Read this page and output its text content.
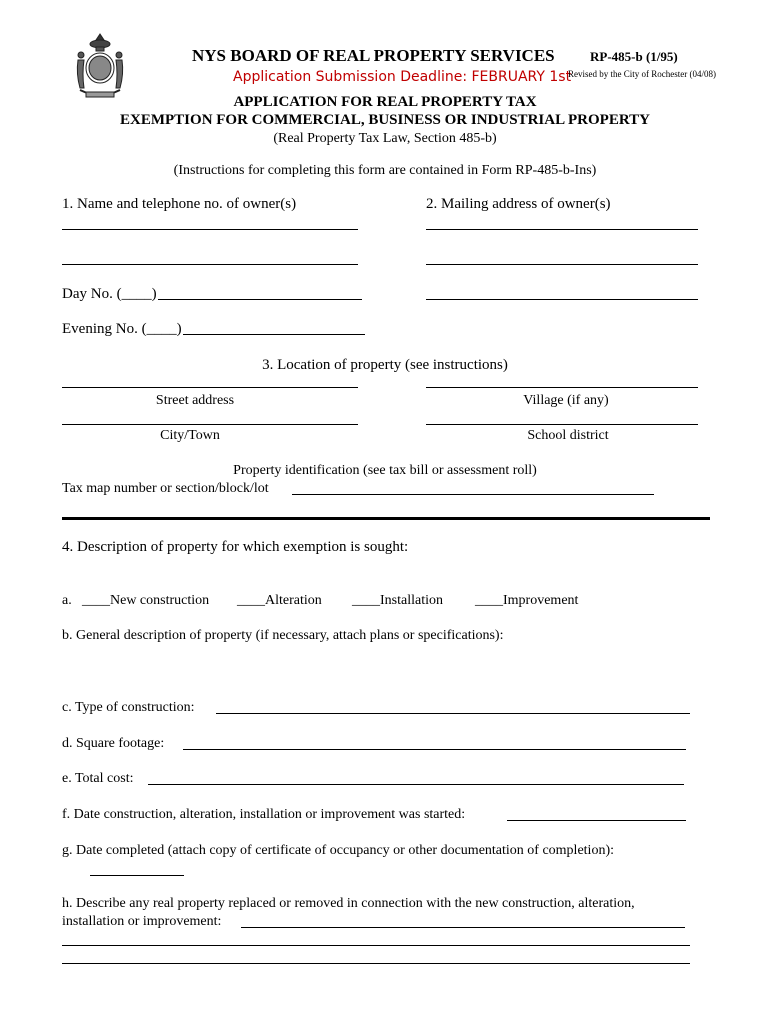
NYS BOARD OF REAL PROPERTY SERVICES
Application Submission Deadline: FEBRUARY 1st
RP-485-b (1/95)
Revised by the City of Rochester (04/08)
APPLICATION FOR REAL PROPERTY TAX
EXEMPTION FOR COMMERCIAL, BUSINESS OR INDUSTRIAL PROPERTY
(Real Property Tax Law, Section 485-b)
(Instructions for completing this form are contained in Form RP-485-b-Ins)
1. Name and telephone no. of owner(s)	2. Mailing address of owner(s)
Day No. (____)
Evening No. (____)
3. Location of property (see instructions)
Street address	Village (if any)
City/Town	School district
Property identification (see tax bill or assessment roll)
Tax map number or section/block/lot
4. Description of property for which exemption is sought:
a. ____New construction ____Alteration ____Installation ____Improvement
b. General description of property (if necessary, attach plans or specifications):
c. Type of construction:
d. Square footage:
e. Total cost:
f. Date construction, alteration, installation or improvement was started:
g. Date completed (attach copy of certificate of occupancy or other documentation of completion):
h. Describe any real property replaced or removed in connection with the new construction, alteration,
installation or improvement:
